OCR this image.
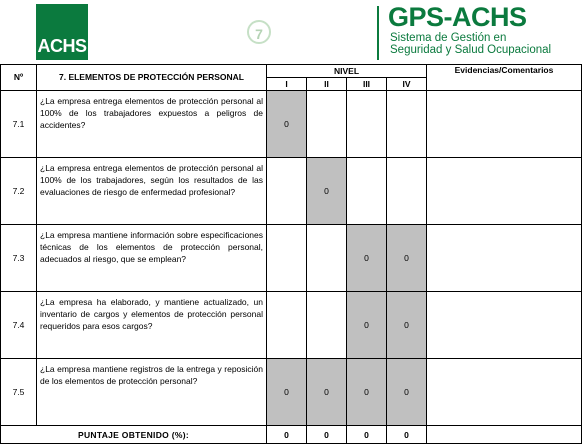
ACHS
7
GPS-ACHS
Sistema de Gestión en
Seguridad y Salud Ocupacional
Nº	7. ELEMENTOS DE PROTECCIÓN PERSONAL	NIVEL				Evidencias/Comentarios
		I	II	III	IV	
7.1	¿La empresa entrega elementos de protección personal al 100% de los trabajadores expuestos a peligros de accidentes?	0				
7.2	¿La empresa entrega elementos de protección personal al 100% de los trabajadores, según los resultados de las evaluaciones de riesgo de enfermedad profesional?		0			
7.3	¿La empresa mantiene información sobre especificaciones técnicas de los elementos de protección personal, adecuados al riesgo, que se emplean?			0	0	
7.4	¿La empresa ha elaborado, y mantiene actualizado, un inventario de cargos y elementos de protección personal requeridos para esos cargos?			0	0	
7.5	¿La empresa mantiene registros de la entrega y reposición de los elementos de protección personal?	0	0	0	0	
PUNTAJE OBTENIDO (%):		0	0	0	0	
